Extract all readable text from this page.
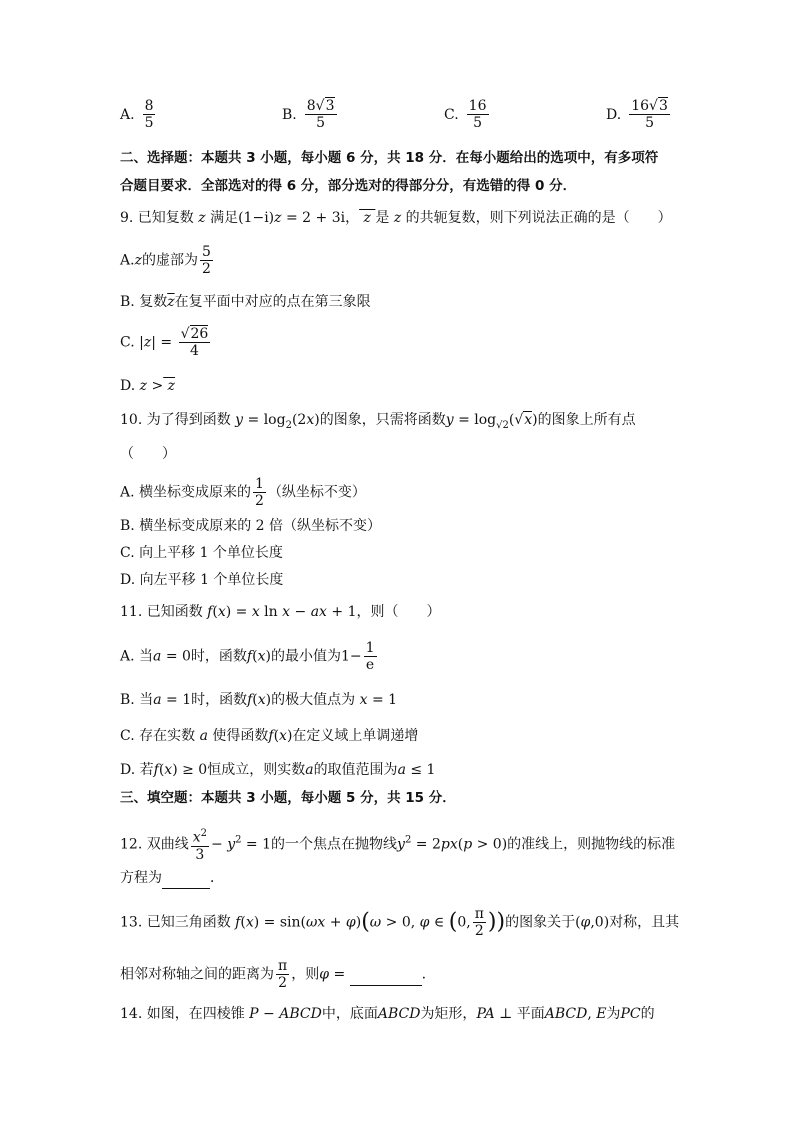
A. $\frac{8}{5}$	B. $\frac{8√3}{5}$	C. $\frac{16}{5}$	D. $\frac{16√3}{5}$
二、选择题：本题共 3 小题，每小题 6 分，共 18 分．在每小题给出的选项中，有多项符
合题目要求．全部选对的得 6 分，部分选对的得部分分，有选错的得 0 分．
9. 已知复数 z 满足(1−i)z = 2 + 3i， z 是 z 的共轭复数，则下列说法正确的是（　　）
A.z的虚部为 $\frac{5}{2}$
B. 复数$\overline{z}$在复平面中对应的点在第三象限
C. $|z| = \frac{√26}{4}$
D. z > z
10. 为了得到函数 $y = \log_2(2x)$的图象，只需将函数$y = \log_{√2}(√x)$的图象上所有点
（　　）
A. 横坐标变成原来的 $\frac{1}{2}$ （纵坐标不变）
B. 横坐标变成原来的 2 倍（纵坐标不变）
C. 向上平移 1 个单位长度
D. 向左平移 1 个单位长度
11. 已知函数 f(x) = x ln x − ax + 1，则（　　）
A. 当a = 0时，函数f(x)的最小值为$1- \frac{1}{e}$
B. 当a = 1时，函数f(x)的极大值点为 x = 1
C. 存在实数 a 使得函数f(x)在定义域上单调递增
D. 若f(x) ≥ 0恒成立，则实数a的取值范围为a ≤ 1
三、填空题：本题共 3 小题，每小题 5 分，共 15 分．
12. 双曲线 $\frac{x^2}{3} - y^2 = 1$的一个焦点在抛物线$y^2 = 2px(p > 0)$的准线上，则抛物线的标准
方程为	．
13. 已知三角函数 f(x) = sin(ωx + φ)(ω > 0, φ ∈ (0, $\frac{\pi}{2}$ ))的图象关于(φ,0)对称，且其
相邻对称轴之间的距离为 $\frac{\pi}{2}$ ，则φ =	.
14. 如图，在四棱锥 P − ABCD中，底面ABCD为矩形，PA ⊥ 平面ABCD, E为PC的
